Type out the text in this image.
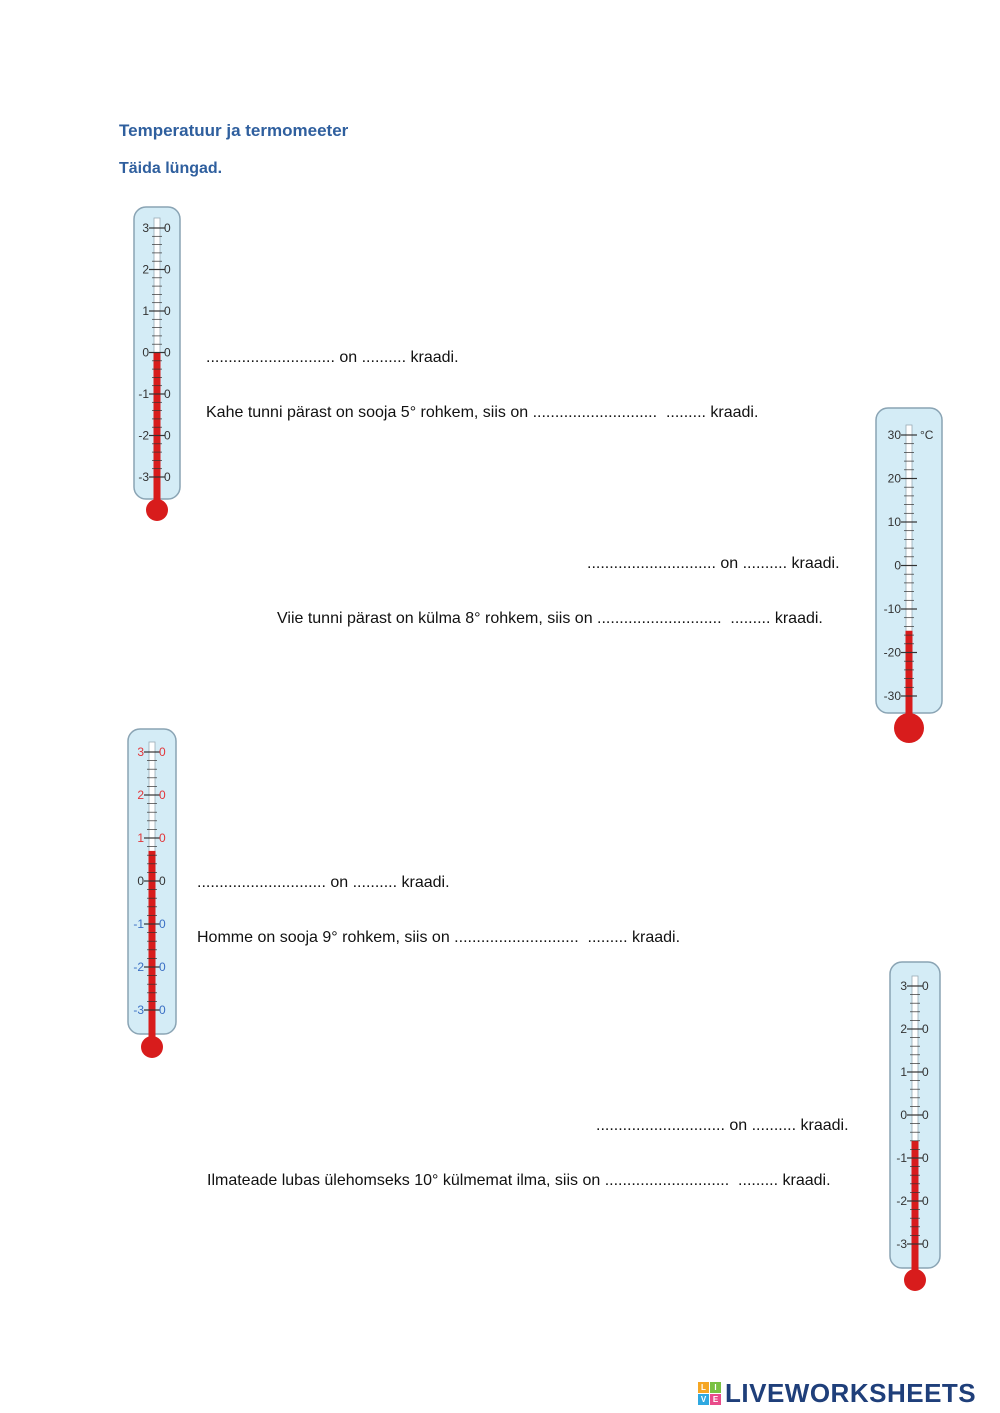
Temperatuur ja termomeeter
Täida lüngad.
3 0
2 0
1 0
0 0
-1 0
-2 0
-3 0
............................. on .......... kraadi.
Kahe tunni pärast on sooja 5° rohkem, siis on ............................  ......... kraadi.
30
20
10
0
-10
-20
-30
°C
............................. on .......... kraadi.
Viie tunni pärast on külma 8° rohkem, siis on ............................  ......... kraadi.
3 0
2 0
1 0
0 0
-1 0
-2 0
-3 0
............................. on .......... kraadi.
Homme on sooja 9° rohkem, siis on ............................  ......... kraadi.
3 0
2 0
1 0
0 0
-1 0
-2 0
-3 0
............................. on .......... kraadi.
Ilmateade lubas ülehomseks 10° külmemat ilma, siis on ............................  ......... kraadi.
L	I
V E LIVEWORKSHEETS
